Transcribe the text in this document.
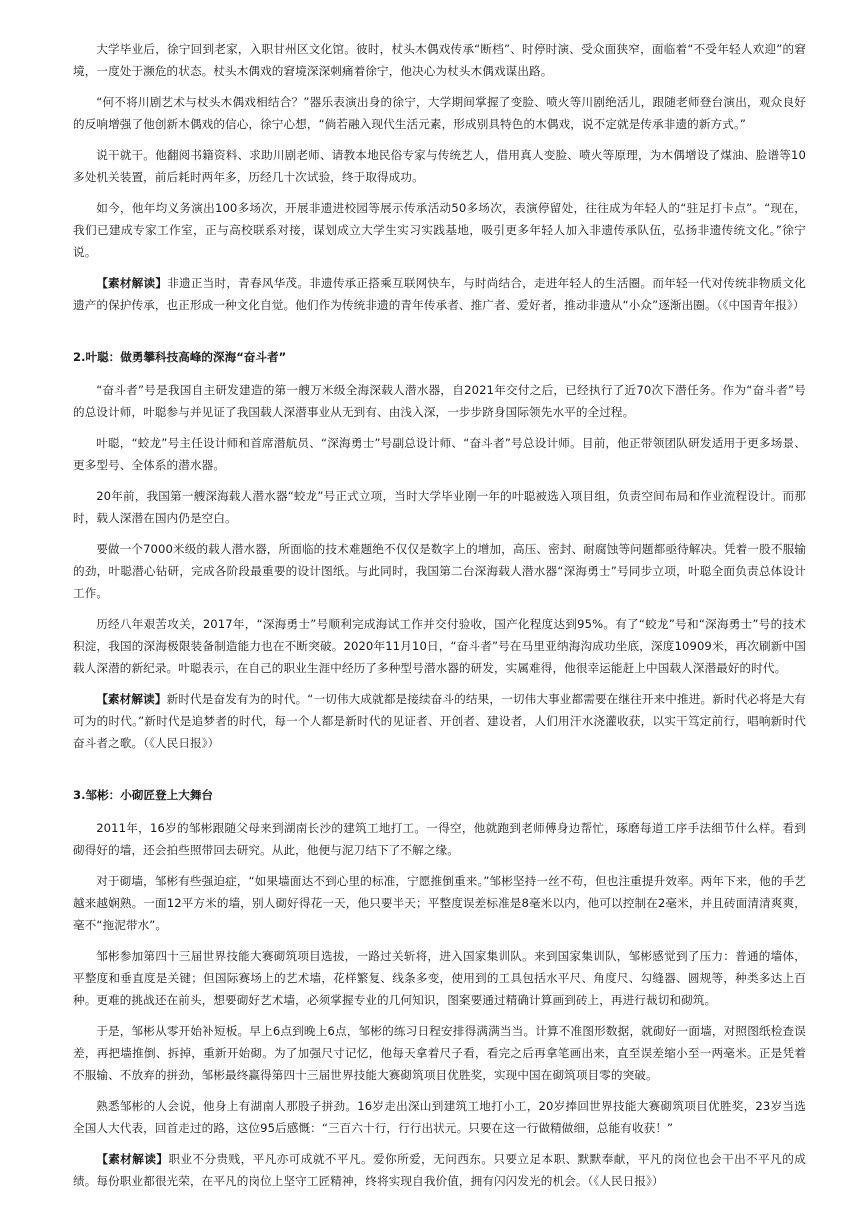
大学毕业后，徐宁回到老家，入职甘州区文化馆。彼时，杖头木偶戏传承“断档”、时停时演、受众面狭窄，面临着“不受年轻人欢迎”的窘境，一度处于濒危的状态。杖头木偶戏的窘境深深刺痛着徐宁，他决心为杖头木偶戏谋出路。

“何不将川剧艺术与杖头木偶戏相结合？”器乐表演出身的徐宁，大学期间掌握了变脸、喷火等川剧绝活儿，跟随老师登台演出，观众良好的反响增强了他创新木偶戏的信心，徐宁心想，“倘若融入现代生活元素，形成别具特色的木偶戏，说不定就是传承非遗的新方式。”

说干就干。他翻阅书籍资料、求助川剧老师、请教本地民俗专家与传统艺人，借用真人变脸、喷火等原理，为木偶增设了煤油、脸谱等10多处机关装置，前后耗时两年多，历经几十次试验，终于取得成功。

如今，他年均义务演出100多场次，开展非遗进校园等展示传承活动50多场次，表演停留处，往往成为年轻人的“驻足打卡点”。“现在，我们已建成专家工作室，正与高校联系对接，谋划成立大学生实习实践基地，吸引更多年轻人加入非遗传承队伍，弘扬非遗传统文化。”徐宁说。

【素材解读】非遗正当时，青春风华茂。非遗传承正搭乘互联网快车，与时尚结合，走进年轻人的生活圈。而年轻一代对传统非物质文化遗产的保护传承，也正形成一种文化自觉。他们作为传统非遗的青年传承者、推广者、爱好者，推动非遗从“小众”逐渐出圈。（《中国青年报》）

2.叶聪：做勇攀科技高峰的深海“奋斗者”

“奋斗者”号是我国自主研发建造的第一艘万米级全海深载人潜水器，自2021年交付之后，已经执行了近70次下潜任务。作为“奋斗者”号的总设计师，叶聪参与并见证了我国载人深潜事业从无到有、由浅入深，一步步跻身国际领先水平的全过程。

叶聪，“蛟龙”号主任设计师和首席潜航员、“深海勇士”号副总设计师、“奋斗者”号总设计师。目前，他正带领团队研发适用于更多场景、更多型号、全体系的潜水器。

20年前，我国第一艘深海载人潜水器“蛟龙”号正式立项，当时大学毕业刚一年的叶聪被选入项目组，负责空间布局和作业流程设计。而那时，载人深潜在国内仍是空白。

要做一个7000米级的载人潜水器，所面临的技术难题绝不仅仅是数字上的增加，高压、密封、耐腐蚀等问题都亟待解决。凭着一股不服输的劲，叶聪潜心钻研，完成各阶段最重要的设计图纸。与此同时，我国第二台深海载人潜水器“深海勇士”号同步立项，叶聪全面负责总体设计工作。

历经八年艰苦攻关，2017年，“深海勇士”号顺利完成海试工作并交付验收，国产化程度达到95%。有了“蛟龙”号和“深海勇士”号的技术积淀，我国的深海极限装备制造能力也在不断突破。2020年11月10日，“奋斗者”号在马里亚纳海沟成功坐底，深度10909米，再次刷新中国载人深潜的新纪录。叶聪表示，在自己的职业生涯中经历了多种型号潜水器的研发，实属难得，他很幸运能赶上中国载人深潜最好的时代。

【素材解读】新时代是奋发有为的时代。“一切伟大成就都是接续奋斗的结果，一切伟大事业都需要在继往开来中推进。新时代必将是大有可为的时代。”新时代是追梦者的时代，每一个人都是新时代的见证者、开创者、建设者，人们用汗水浇灌收获，以实干笃定前行，唱响新时代奋斗者之歌。（《人民日报》）

3.邹彬：小砌匠登上大舞台

2011年，16岁的邹彬跟随父母来到湖南长沙的建筑工地打工。一得空，他就跑到老师傅身边帮忙，琢磨每道工序手法细节什么样。看到砌得好的墙，还会拍些照带回去研究。从此，他便与泥刀结下了不解之缘。

对于砌墙，邹彬有些强迫症，“如果墙面达不到心里的标准，宁愿推倒重来。”邹彬坚持一丝不苟，但也注重提升效率。两年下来，他的手艺越来越娴熟。一面12平方米的墙，别人砌好得花一天，他只要半天；平整度误差标准是8毫米以内，他可以控制在2毫米，并且砖面清清爽爽，毫不“拖泥带水”。

邹彬参加第四十三届世界技能大赛砌筑项目选拔，一路过关斩将，进入国家集训队。来到国家集训队，邹彬感觉到了压力：普通的墙体，平整度和垂直度是关键；但国际赛场上的艺术墙，花样繁复、线条多变，使用到的工具包括水平尺、角度尺、勾缝器、圆规等，种类多达上百种。更难的挑战还在前头，想要砌好艺术墙，必须掌握专业的几何知识，图案要通过精确计算画到砖上，再进行裁切和砌筑。

于是，邹彬从零开始补短板。早上6点到晚上6点，邹彬的练习日程安排得满满当当。计算不准图形数据，就砌好一面墙，对照图纸检查误差，再把墙推倒、拆掉，重新开始砌。为了加强尺寸记忆，他每天拿着尺子看，看完之后再拿笔画出来，直至误差缩小至一两毫米。正是凭着不服输、不放弃的拼劲，邹彬最终赢得第四十三届世界技能大赛砌筑项目优胜奖，实现中国在砌筑项目零的突破。

熟悉邹彬的人会说，他身上有湖南人那股子拼劲。16岁走出深山到建筑工地打小工，20岁捧回世界技能大赛砌筑项目优胜奖，23岁当选全国人大代表，回首走过的路，这位95后感慨：“三百六十行，行行出状元。只要在这一行做精做细，总能有收获！”

【素材解读】职业不分贵贱，平凡亦可成就不平凡。爱你所爱，无问西东。只要立足本职、默默奉献，平凡的岗位也会干出不平凡的成绩。每份职业都很光荣，在平凡的岗位上坚守工匠精神，终将实现自我价值，拥有闪闪发光的机会。（《人民日报》）
